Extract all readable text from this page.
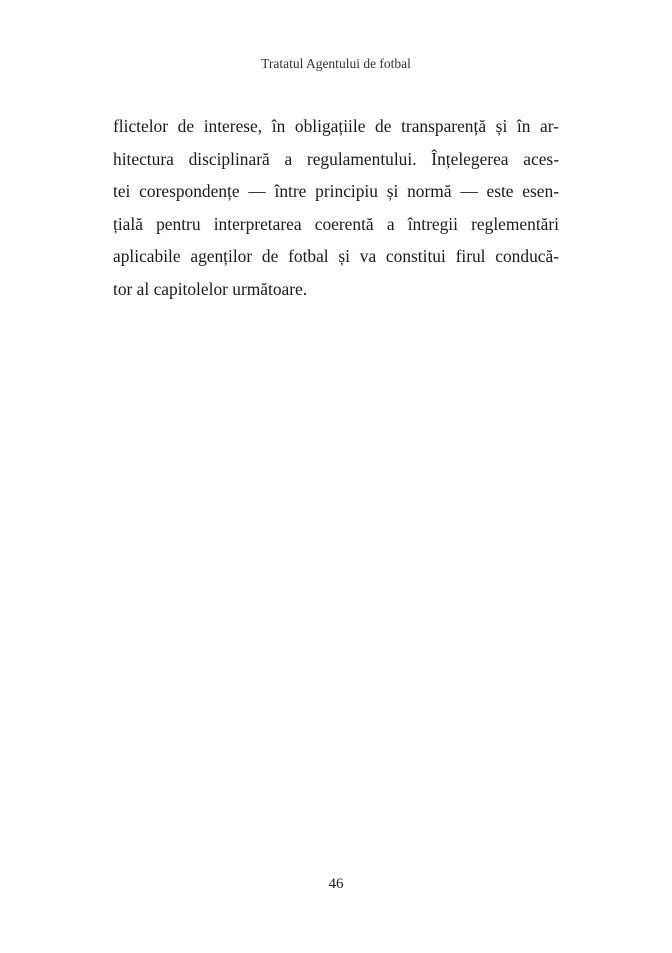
Tratatul Agentului de fotbal
flictelor de interese, în obligațiile de transparență și în ar-
hitectura disciplinară a regulamentului. Înțelegerea aces-
tei corespondențe — între principiu și normă — este esen-
țială pentru interpretarea coerentă a întregii reglementări
aplicabile agenților de fotbal și va constitui firul conducă-
tor al capitolelor următoare.
46
